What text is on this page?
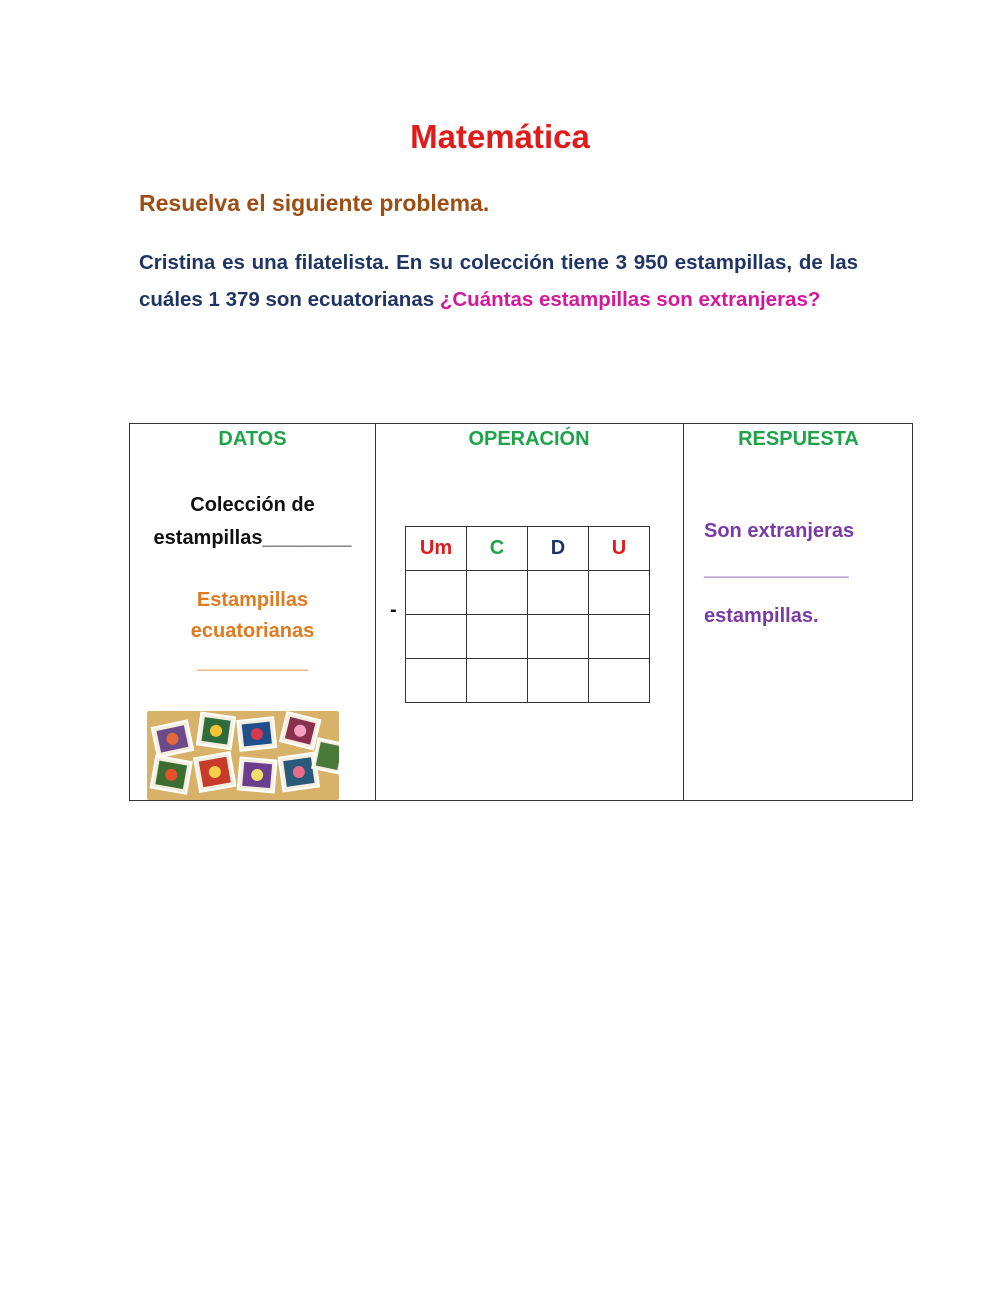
Matemática
Resuelva el siguiente problema.
Cristina es una filatelista. En su colección tiene 3 950 estampillas, de las cuáles 1 379 son ecuatorianas ¿Cuántas estampillas son extranjeras?
DATOS	OPERACIÓN	RESPUESTA
Colección de
estampillas________
Estampillas
ecuatorianas
__________
-
Um	C	D	U

Son extranjeras
_____________
estampillas.
